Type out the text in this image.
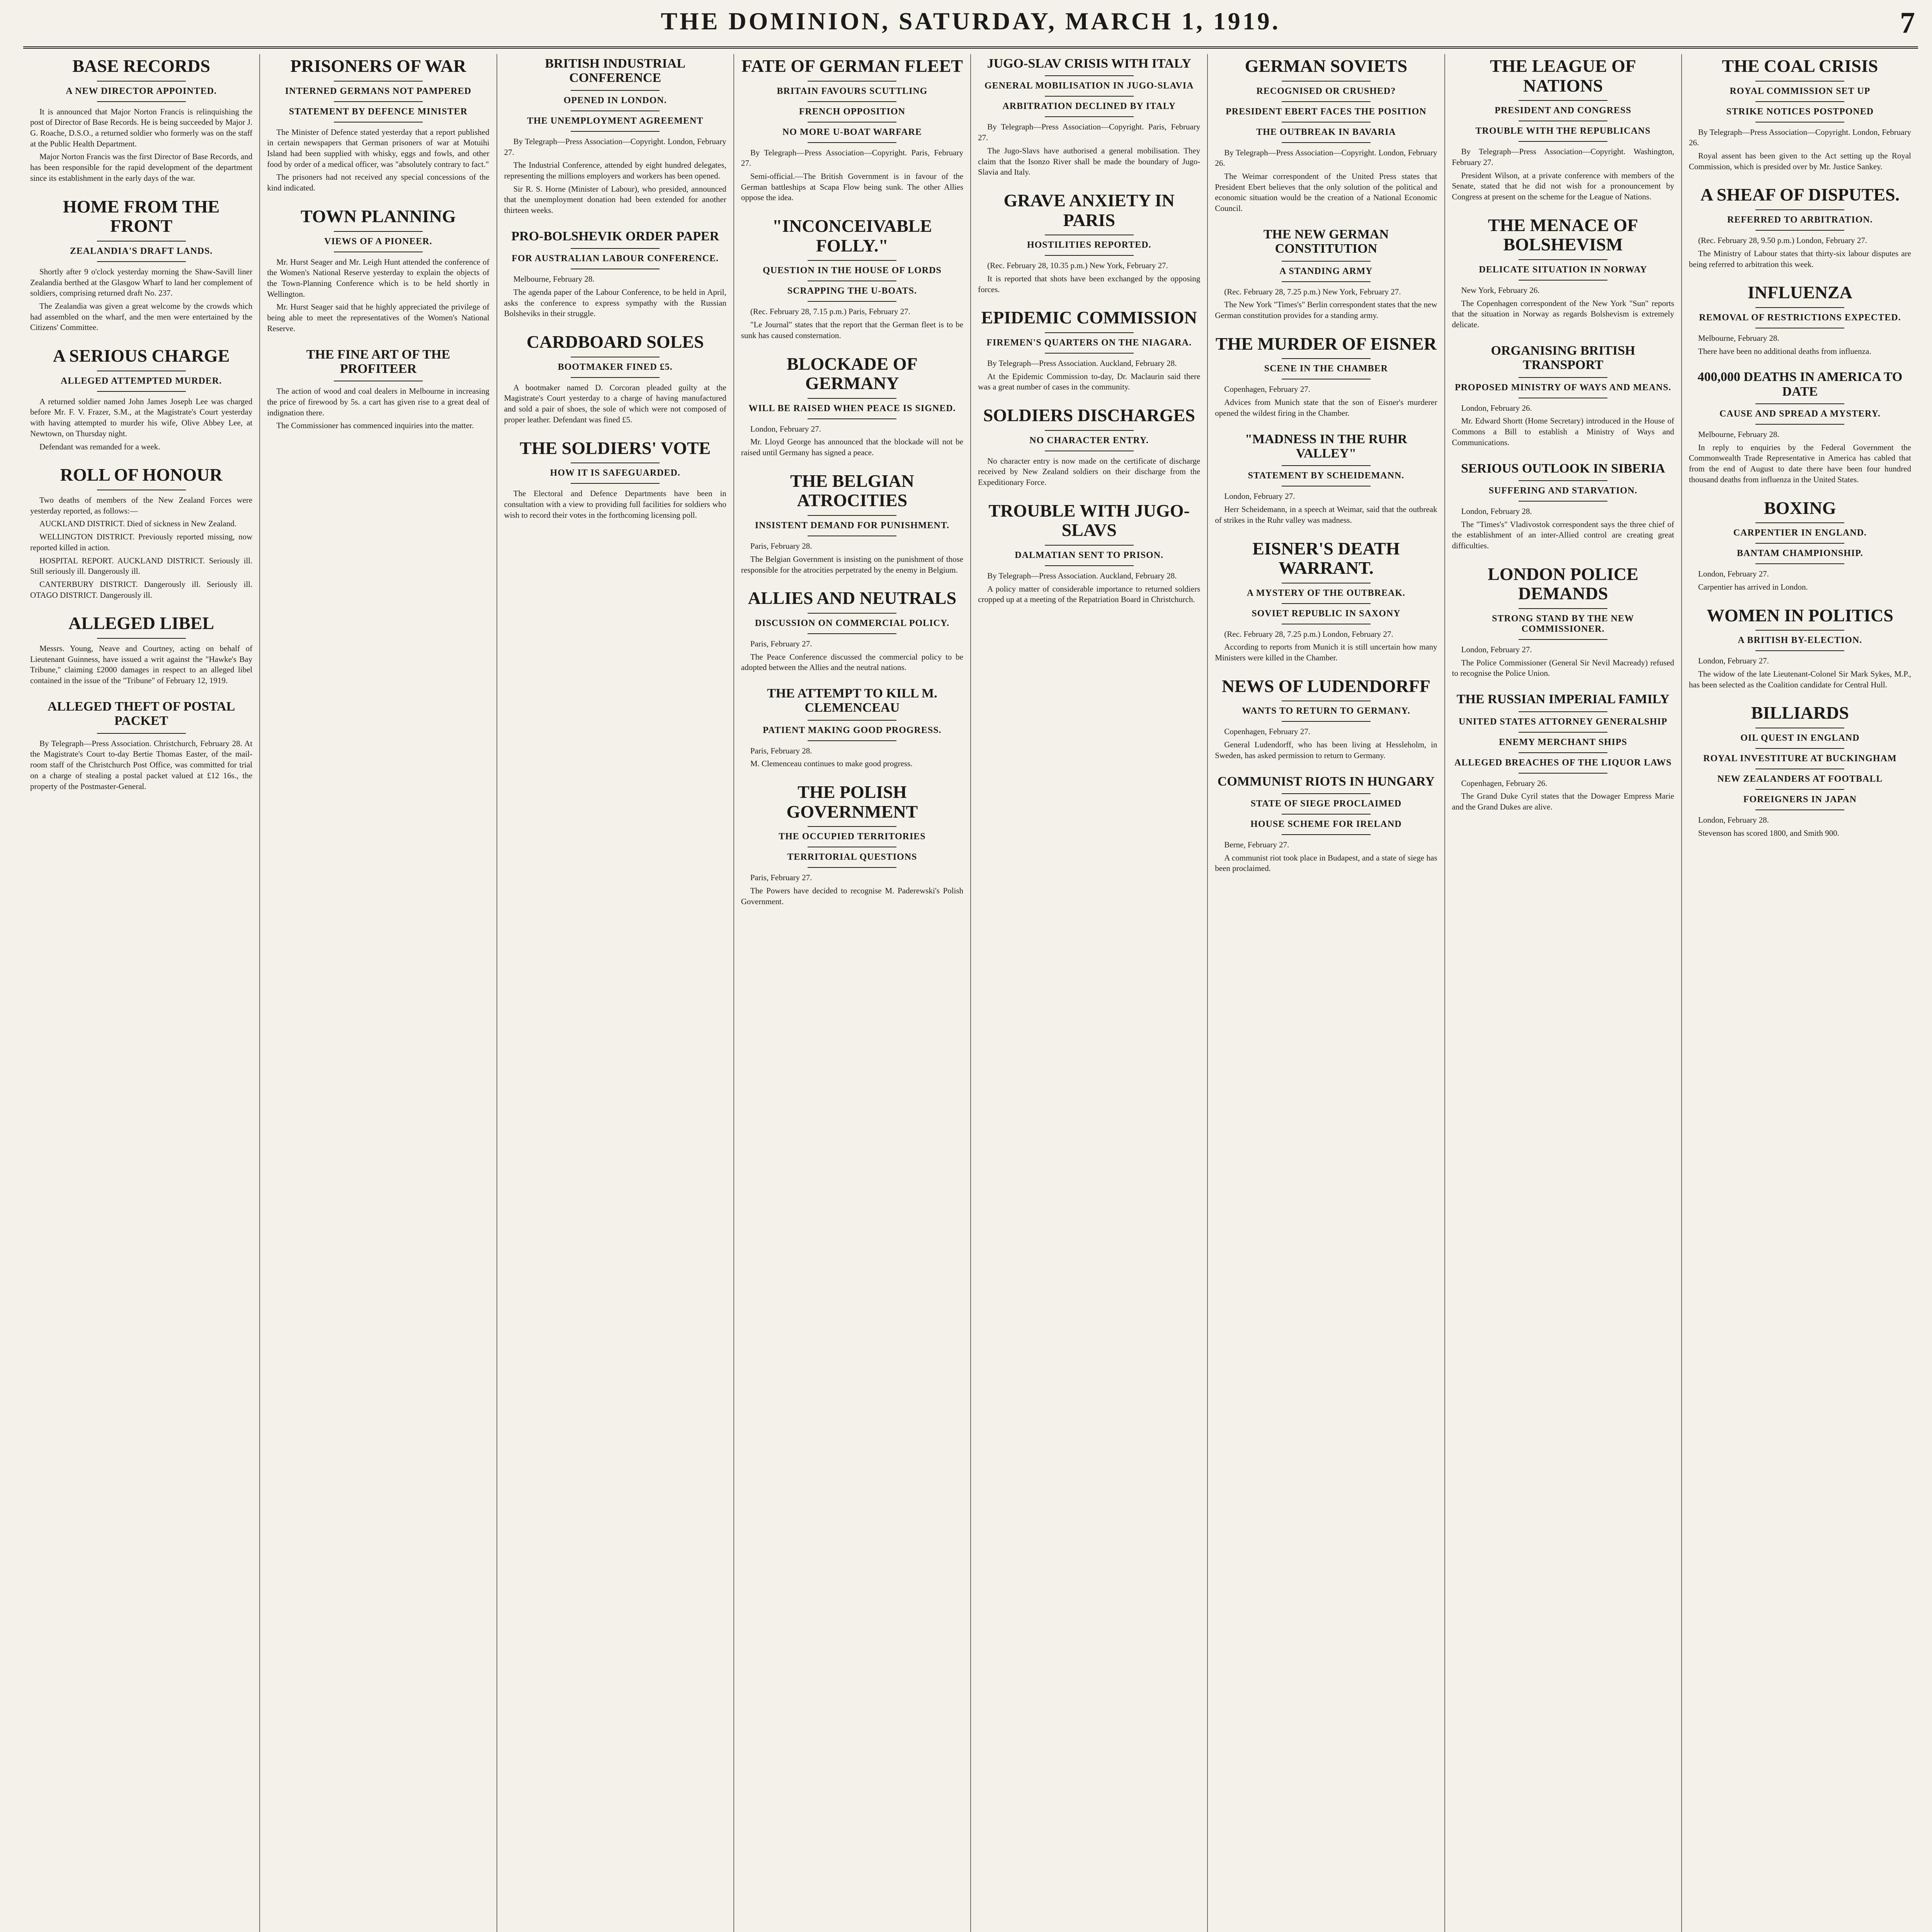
THE DOMINION, SATURDAY, MARCH 1, 1919.	7
BASE RECORDS
A NEW DIRECTOR APPOINTED.

It is announced that Major Norton Francis is relinquishing the post of Director of Base Records. He is being succeeded by Major J. G. Roache, D.S.O., a returned soldier who formerly was on the staff at the Public Health Department.

Major Norton Francis was the first Director of Base Records, and has been responsible for the rapid development of the department since its establishment in the early days of the war.

HOME FROM THE FRONT
ZEALANDIA'S DRAFT LANDS.

Shortly after 9 o'clock yesterday morning the Shaw-Savill liner Zealandia berthed at the Glasgow Wharf to land her complement of soldiers, comprising returned draft No. 237.

The Zealandia was given a great welcome by the crowds which had assembled on the wharf, and the men were entertained by the Citizens' Committee.

A SERIOUS CHARGE
ALLEGED ATTEMPTED MURDER.

A returned soldier named John James Joseph Lee was charged before Mr. F. V. Frazer, S.M., at the Magistrate's Court yesterday with having attempted to murder his wife, Olive Abbey Lee, at Newtown, on Thursday night.

Defendant was remanded for a week.

ROLL OF HONOUR

Two deaths of members of the New Zealand Forces were yesterday reported, as follows:—

AUCKLAND DISTRICT. Died of sickness in New Zealand.

WELLINGTON DISTRICT. Previously reported missing, now reported killed in action.

HOSPITAL REPORT. AUCKLAND DISTRICT. Seriously ill. Still seriously ill. Dangerously ill.

CANTERBURY DISTRICT. Dangerously ill. Seriously ill. OTAGO DISTRICT. Dangerously ill.

ALLEGED LIBEL

Messrs. Young, Neave and Courtney, acting on behalf of Lieutenant Guinness, have issued a writ against the "Hawke's Bay Tribune," claiming £2000 damages in respect to an alleged libel contained in the issue of the "Tribune" of February 12, 1919.

ALLEGED THEFT OF POSTAL PACKET

By Telegraph—Press Association. Christchurch, February 28. At the Magistrate's Court to-day Bertie Thomas Easter, of the mail-room staff of the Christchurch Post Office, was committed for trial on a charge of stealing a postal packet valued at £12 16s., the property of the Postmaster-General.

PRISONERS OF WAR
INTERNED GERMANS NOT PAMPERED
STATEMENT BY DEFENCE MINISTER

The Minister of Defence stated yesterday that a report published in certain newspapers that German prisoners of war at Motuihi Island had been supplied with whisky, eggs and fowls, and other food by order of a medical officer, was "absolutely contrary to fact."

The prisoners had not received any special concessions of the kind indicated.

TOWN PLANNING
VIEWS OF A PIONEER.

Mr. Hurst Seager and Mr. Leigh Hunt attended the conference of the Women's National Reserve yesterday to explain the objects of the Town-Planning Conference which is to be held shortly in Wellington.

Mr. Hurst Seager said that he highly appreciated the privilege of being able to meet the representatives of the Women's National Reserve.

THE FINE ART OF THE PROFITEER

The action of wood and coal dealers in Melbourne in increasing the price of firewood by 5s. a cart has given rise to a great deal of indignation there.

The Commissioner has commenced inquiries into the matter.

BRITISH INDUSTRIAL CONFERENCE
OPENED IN LONDON.
THE UNEMPLOYMENT AGREEMENT

By Telegraph—Press Association—Copyright. London, February 27.

The Industrial Conference, attended by eight hundred delegates, representing the millions employers and workers has been opened.

Sir R. S. Horne (Minister of Labour), who presided, announced that the unemployment donation had been extended for another thirteen weeks.

PRO-BOLSHEVIK ORDER PAPER
FOR AUSTRALIAN LABOUR CONFERENCE.

Melbourne, February 28.

The agenda paper of the Labour Conference, to be held in April, asks the conference to express sympathy with the Russian Bolsheviks in their struggle.

CARDBOARD SOLES
BOOTMAKER FINED £5.

A bootmaker named D. Corcoran pleaded guilty at the Magistrate's Court yesterday to a charge of having manufactured and sold a pair of shoes, the sole of which were not composed of proper leather. Defendant was fined £5.

THE SOLDIERS' VOTE
HOW IT IS SAFEGUARDED.

The Electoral and Defence Departments have been in consultation with a view to providing full facilities for soldiers who wish to record their votes in the forthcoming licensing poll.

FATE OF GERMAN FLEET
BRITAIN FAVOURS SCUTTLING
FRENCH OPPOSITION
NO MORE U-BOAT WARFARE

By Telegraph—Press Association—Copyright. Paris, February 27.

Semi-official.—The British Government is in favour of the German battleships at Scapa Flow being sunk. The other Allies oppose the idea.

"INCONCEIVABLE FOLLY."
QUESTION IN THE HOUSE OF LORDS
SCRAPPING THE U-BOATS.

(Rec. February 28, 7.15 p.m.) Paris, February 27.

"Le Journal" states that the report that the German fleet is to be sunk has caused consternation.

BLOCKADE OF GERMANY
WILL BE RAISED WHEN PEACE IS SIGNED.

London, February 27.

Mr. Lloyd George has announced that the blockade will not be raised until Germany has signed a peace.

THE BELGIAN ATROCITIES
INSISTENT DEMAND FOR PUNISHMENT.

Paris, February 28.

The Belgian Government is insisting on the punishment of those responsible for the atrocities perpetrated by the enemy in Belgium.

ALLIES AND NEUTRALS
DISCUSSION ON COMMERCIAL POLICY.

Paris, February 27.

The Peace Conference discussed the commercial policy to be adopted between the Allies and the neutral nations.

THE ATTEMPT TO KILL M. CLEMENCEAU
PATIENT MAKING GOOD PROGRESS.

Paris, February 28.

M. Clemenceau continues to make good progress.

THE POLISH GOVERNMENT
THE OCCUPIED TERRITORIES
TERRITORIAL QUESTIONS

Paris, February 27.

The Powers have decided to recognise M. Paderewski's Polish Government.

JUGO-SLAV CRISIS WITH ITALY
GENERAL MOBILISATION IN JUGO-SLAVIA
ARBITRATION DECLINED BY ITALY

By Telegraph—Press Association—Copyright. Paris, February 27.

The Jugo-Slavs have authorised a general mobilisation. They claim that the Isonzo River shall be made the boundary of Jugo-Slavia and Italy.

GRAVE ANXIETY IN PARIS
HOSTILITIES REPORTED.

(Rec. February 28, 10.35 p.m.) New York, February 27.

It is reported that shots have been exchanged by the opposing forces.

EPIDEMIC COMMISSION
FIREMEN'S QUARTERS ON THE NIAGARA.

By Telegraph—Press Association. Auckland, February 28.

At the Epidemic Commission to-day, Dr. Maclaurin said there was a great number of cases in the community.

SOLDIERS DISCHARGES
NO CHARACTER ENTRY.

No character entry is now made on the certificate of discharge received by New Zealand soldiers on their discharge from the Expeditionary Force.

TROUBLE WITH JUGO-SLAVS
DALMATIAN SENT TO PRISON.

By Telegraph—Press Association. Auckland, February 28.

A policy matter of considerable importance to returned soldiers cropped up at a meeting of the Repatriation Board in Christchurch.

GERMAN SOVIETS
RECOGNISED OR CRUSHED?
PRESIDENT EBERT FACES THE POSITION
THE OUTBREAK IN BAVARIA

By Telegraph—Press Association—Copyright. London, February 26.

The Weimar correspondent of the United Press states that President Ebert believes that the only solution of the political and economic situation would be the creation of a National Economic Council.

THE NEW GERMAN CONSTITUTION
A STANDING ARMY

(Rec. February 28, 7.25 p.m.) New York, February 27.

The New York "Times's" Berlin correspondent states that the new German constitution provides for a standing army.

THE MURDER OF EISNER
SCENE IN THE CHAMBER

Copenhagen, February 27.

Advices from Munich state that the son of Eisner's murderer opened the wildest firing in the Chamber.

"MADNESS IN THE RUHR VALLEY"
STATEMENT BY SCHEIDEMANN.

London, February 27.

Herr Scheidemann, in a speech at Weimar, said that the outbreak of strikes in the Ruhr valley was madness.

EISNER'S DEATH WARRANT.
A MYSTERY OF THE OUTBREAK.
SOVIET REPUBLIC IN SAXONY

(Rec. February 28, 7.25 p.m.) London, February 27.

According to reports from Munich it is still uncertain how many Ministers were killed in the Chamber.

NEWS OF LUDENDORFF
WANTS TO RETURN TO GERMANY.

Copenhagen, February 27.

General Ludendorff, who has been living at Hessleholm, in Sweden, has asked permission to return to Germany.

COMMUNIST RIOTS IN HUNGARY
STATE OF SIEGE PROCLAIMED
HOUSE SCHEME FOR IRELAND

Berne, February 27.

A communist riot took place in Budapest, and a state of siege has been proclaimed.

THE LEAGUE OF NATIONS
PRESIDENT AND CONGRESS
TROUBLE WITH THE REPUBLICANS

By Telegraph—Press Association—Copyright. Washington, February 27.

President Wilson, at a private conference with members of the Senate, stated that he did not wish for a pronouncement by Congress at present on the scheme for the League of Nations.

THE MENACE OF BOLSHEVISM
DELICATE SITUATION IN NORWAY

New York, February 26.

The Copenhagen correspondent of the New York "Sun" reports that the situation in Norway as regards Bolshevism is extremely delicate.

ORGANISING BRITISH TRANSPORT
PROPOSED MINISTRY OF WAYS AND MEANS.

London, February 26.

Mr. Edward Shortt (Home Secretary) introduced in the House of Commons a Bill to establish a Ministry of Ways and Communications.

SERIOUS OUTLOOK IN SIBERIA
SUFFERING AND STARVATION.

London, February 28.

The "Times's" Vladivostok correspondent says the three chief of the establishment of an inter-Allied control are creating great difficulties.

LONDON POLICE DEMANDS
STRONG STAND BY THE NEW COMMISSIONER.

London, February 27.

The Police Commissioner (General Sir Nevil Macready) refused to recognise the Police Union.

THE RUSSIAN IMPERIAL FAMILY
UNITED STATES ATTORNEY GENERALSHIP
ENEMY MERCHANT SHIPS
ALLEGED BREACHES OF THE LIQUOR LAWS

Copenhagen, February 26.

The Grand Duke Cyril states that the Dowager Empress Marie and the Grand Dukes are alive.

THE COAL CRISIS
ROYAL COMMISSION SET UP
STRIKE NOTICES POSTPONED

By Telegraph—Press Association—Copyright. London, February 26.

Royal assent has been given to the Act setting up the Royal Commission, which is presided over by Mr. Justice Sankey.

A SHEAF OF DISPUTES.
REFERRED TO ARBITRATION.

(Rec. February 28, 9.50 p.m.) London, February 27.

The Ministry of Labour states that thirty-six labour disputes are being referred to arbitration this week.

INFLUENZA
REMOVAL OF RESTRICTIONS EXPECTED.

Melbourne, February 28.

There have been no additional deaths from influenza.

400,000 DEATHS IN AMERICA TO DATE
CAUSE AND SPREAD A MYSTERY.

Melbourne, February 28.

In reply to enquiries by the Federal Government the Commonwealth Trade Representative in America has cabled that from the end of August to date there have been four hundred thousand deaths from influenza in the United States.

BOXING
CARPENTIER IN ENGLAND.
BANTAM CHAMPIONSHIP.

London, February 27.

Carpentier has arrived in London.

WOMEN IN POLITICS
A BRITISH BY-ELECTION.

London, February 27.

The widow of the late Lieutenant-Colonel Sir Mark Sykes, M.P., has been selected as the Coalition candidate for Central Hull.

BILLIARDS
OIL QUEST IN ENGLAND
ROYAL INVESTITURE AT BUCKINGHAM
NEW ZEALANDERS AT FOOTBALL
FOREIGNERS IN JAPAN

London, February 28.

Stevenson has scored 1800, and Smith 900.
